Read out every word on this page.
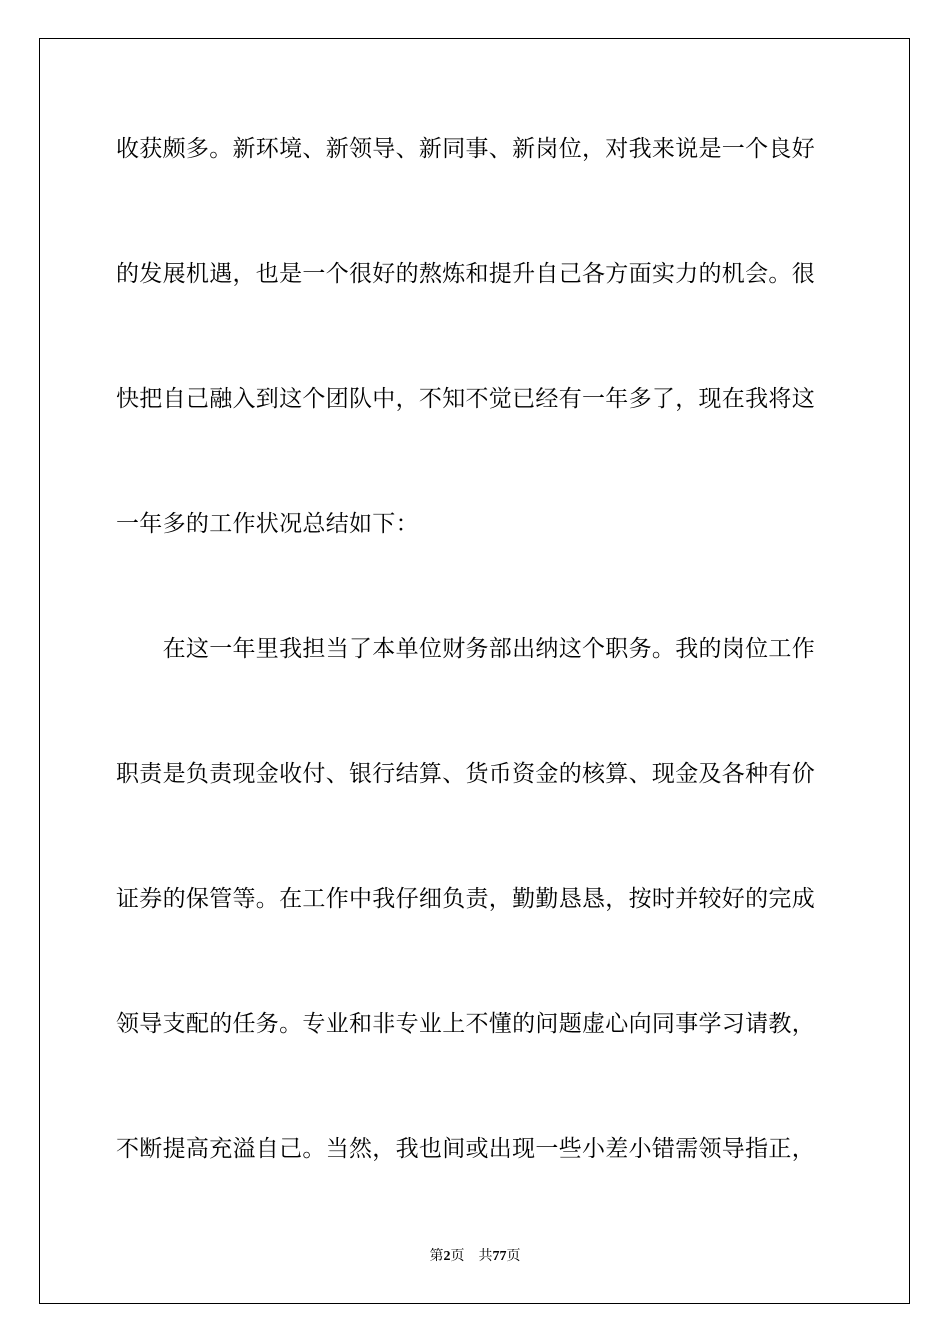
收获颇多。新环境、新领导、新同事、新岗位，对我来说是一个良好
的发展机遇，也是一个很好的熬炼和提升自己各方面实力的机会。很
快把自己融入到这个团队中，不知不觉已经有一年多了，现在我将这
一年多的工作状况总结如下：
　　在这一年里我担当了本单位财务部出纳这个职务。我的岗位工作
职责是负责现金收付、银行结算、货币资金的核算、现金及各种有价
证券的保管等。在工作中我仔细负责，勤勤恳恳，按时并较好的完成
领导支配的任务。专业和非专业上不懂的问题虚心向同事学习请教，
不断提高充溢自己。当然，我也间或出现一些小差小错需领导指正，
第2页　 共77页
